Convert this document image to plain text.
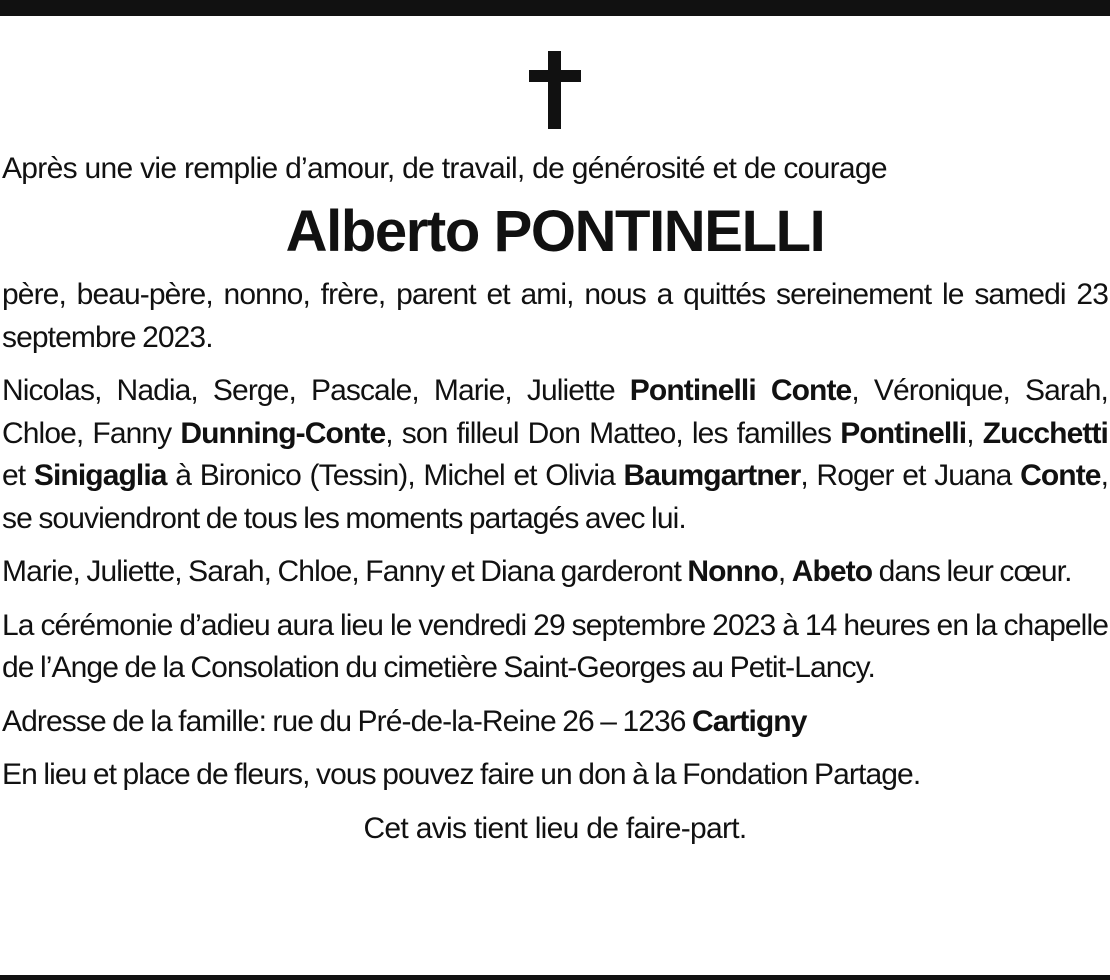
Après une vie remplie d’amour, de travail, de générosité et de courage

Alberto PONTINELLI

père, beau-père, nonno, frère, parent et ami, nous a quittés sereinement le samedi 23 septembre 2023.

Nicolas, Nadia, Serge, Pascale, Marie, Juliette Pontinelli Conte, Véronique, Sarah, Chloe, Fanny Dunning-Conte, son filleul Don Matteo, les familles Pontinelli, Zucchetti et Sinigaglia à Bironico (Tessin), Michel et Olivia Baumgartner, Roger et Juana Conte, se souviendront de tous les moments partagés avec lui.

Marie, Juliette, Sarah, Chloe, Fanny et Diana garderont Nonno, Abeto dans leur cœur.

La cérémonie d’adieu aura lieu le vendredi 29 septembre 2023 à 14 heures en la chapelle de l’Ange de la Consolation du cimetière Saint-Georges au Petit-Lancy.

Adresse de la famille: rue du Pré-de-la-Reine 26 – 1236 Cartigny

En lieu et place de fleurs, vous pouvez faire un don à la Fondation Partage.

Cet avis tient lieu de faire-part.
